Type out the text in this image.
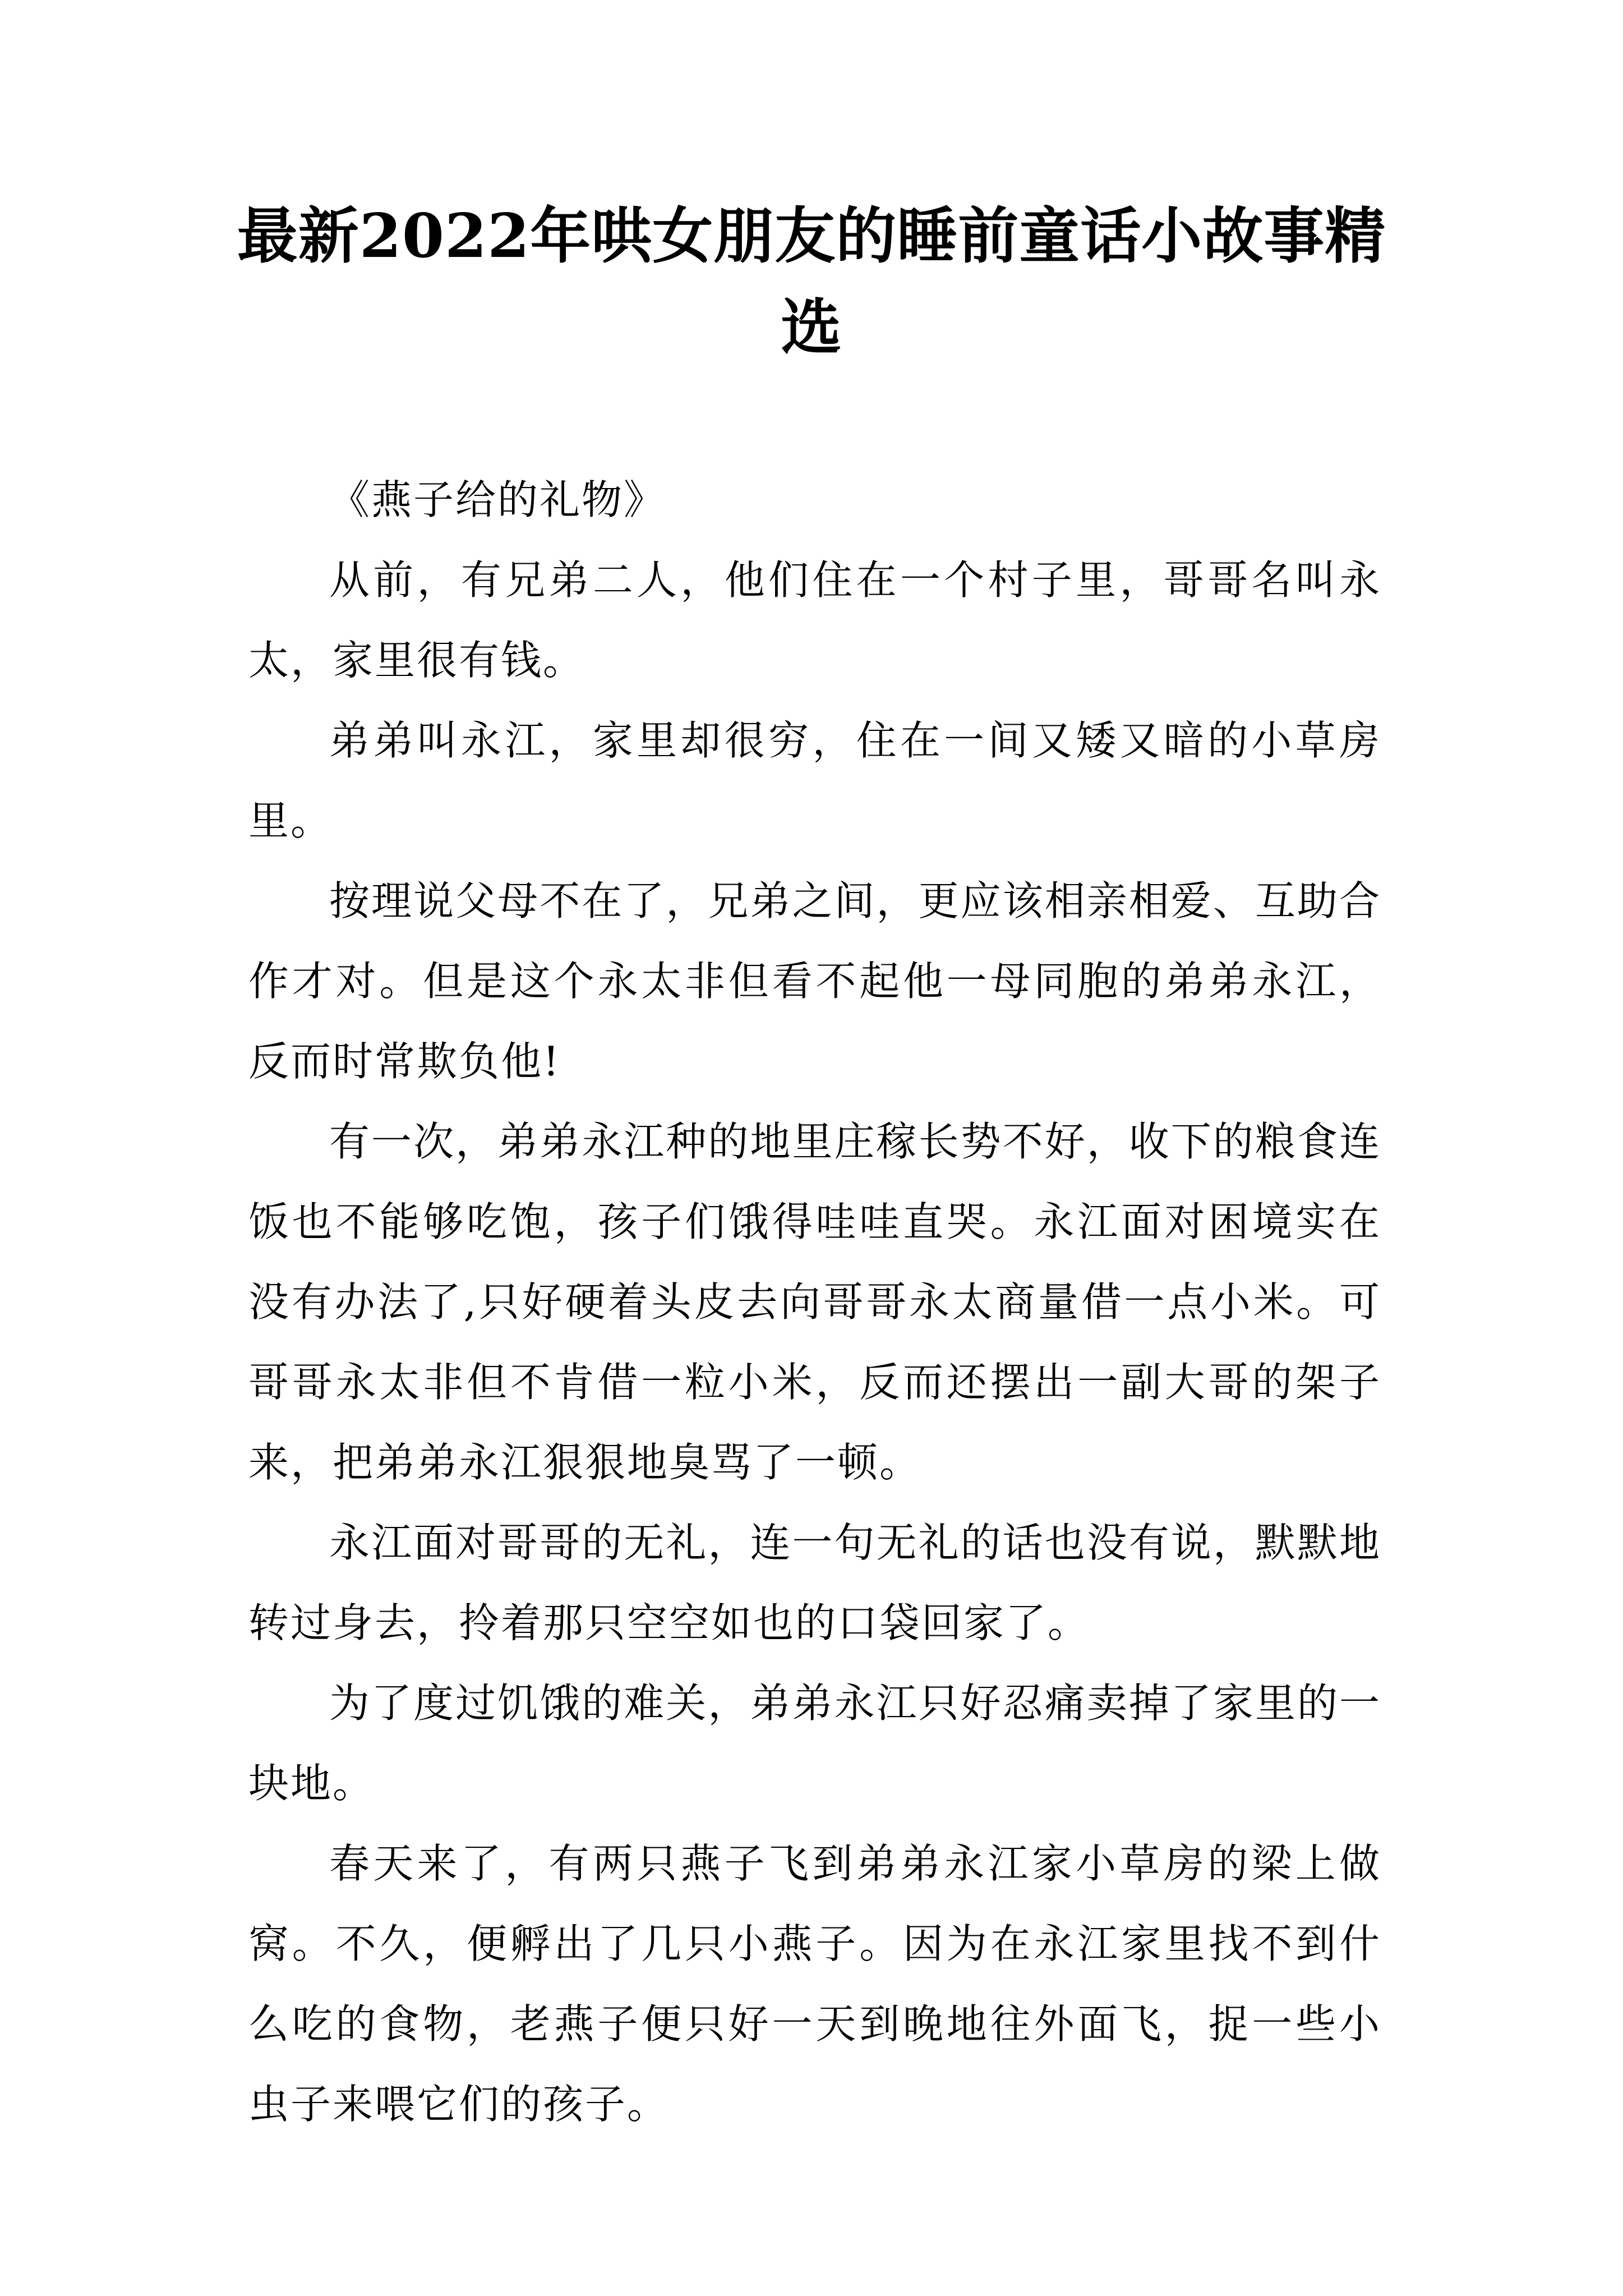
最新2022年哄女朋友的睡前童话小故事精选

《燕子给的礼物》

从前，有兄弟二人，他们住在一个村子里，哥哥名叫永太，家里很有钱。

弟弟叫永江，家里却很穷，住在一间又矮又暗的小草房里。

按理说父母不在了，兄弟之间，更应该相亲相爱、互助合作才对。但是这个永太非但看不起他一母同胞的弟弟永江，反而时常欺负他!

有一次，弟弟永江种的地里庄稼长势不好，收下的粮食连饭也不能够吃饱，孩子们饿得哇哇直哭。永江面对困境实在没有办法了,只好硬着头皮去向哥哥永太商量借一点小米。可哥哥永太非但不肯借一粒小米，反而还摆出一副大哥的架子来，把弟弟永江狠狠地臭骂了一顿。

永江面对哥哥的无礼，连一句无礼的话也没有说，默默地转过身去，拎着那只空空如也的口袋回家了。

为了度过饥饿的难关，弟弟永江只好忍痛卖掉了家里的一块地。

春天来了，有两只燕子飞到弟弟永江家小草房的梁上做窝。不久，便孵出了几只小燕子。因为在永江家里找不到什么吃的食物，老燕子便只好一天到晚地往外面飞，捉一些小虫子来喂它们的孩子。
